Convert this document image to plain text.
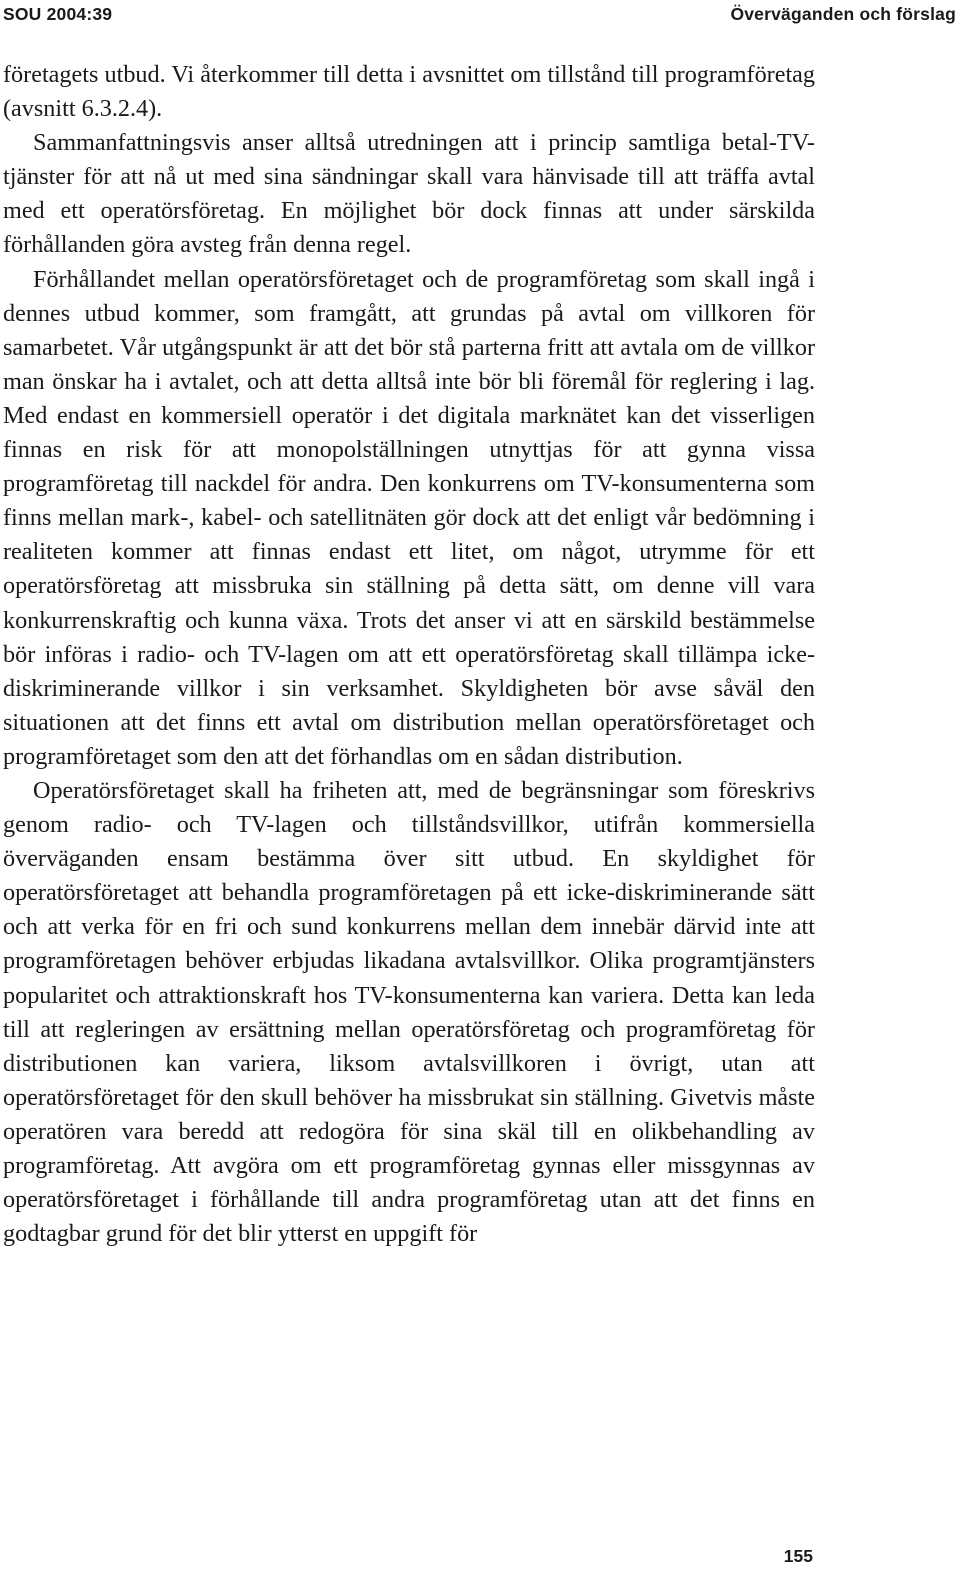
SOU 2004:39	Överväganden och förslag

företagets utbud. Vi återkommer till detta i avsnittet om tillstånd till programföretag (avsnitt 6.3.2.4).

Sammanfattningsvis anser alltså utredningen att i princip samtliga betal-TV-tjänster för att nå ut med sina sändningar skall vara hänvisade till att träffa avtal med ett operatörsföretag. En möjlighet bör dock finnas att under särskilda förhållanden göra avsteg från denna regel.

Förhållandet mellan operatörsföretaget och de programföretag som skall ingå i dennes utbud kommer, som framgått, att grundas på avtal om villkoren för samarbetet. Vår utgångspunkt är att det bör stå parterna fritt att avtala om de villkor man önskar ha i avtalet, och att detta alltså inte bör bli föremål för reglering i lag. Med endast en kommersiell operatör i det digitala marknätet kan det visserligen finnas en risk för att monopolställningen utnyttjas för att gynna vissa programföretag till nackdel för andra. Den konkurrens om TV-konsumenterna som finns mellan mark-, kabel- och satellitnäten gör dock att det enligt vår bedömning i realiteten kommer att finnas endast ett litet, om något, utrymme för ett operatörsföretag att missbruka sin ställning på detta sätt, om denne vill vara konkurrenskraftig och kunna växa. Trots det anser vi att en särskild bestämmelse bör införas i radio- och TV-lagen om att ett operatörsföretag skall tillämpa icke-diskriminerande villkor i sin verksamhet. Skyldigheten bör avse såväl den situationen att det finns ett avtal om distribution mellan operatörsföretaget och programföretaget som den att det förhandlas om en sådan distribution.

Operatörsföretaget skall ha friheten att, med de begränsningar som föreskrivs genom radio- och TV-lagen och tillståndsvillkor, utifrån kommersiella överväganden ensam bestämma över sitt utbud. En skyldighet för operatörsföretaget att behandla programföretagen på ett icke-diskriminerande sätt och att verka för en fri och sund konkurrens mellan dem innebär därvid inte att programföretagen behöver erbjudas likadana avtalsvillkor. Olika programtjänsters popularitet och attraktionskraft hos TV-konsumenterna kan variera. Detta kan leda till att regleringen av ersättning mellan operatörsföretag och programföretag för distributionen kan variera, liksom avtalsvillkoren i övrigt, utan att operatörsföretaget för den skull behöver ha missbrukat sin ställning. Givetvis måste operatören vara beredd att redogöra för sina skäl till en olikbehandling av programföretag. Att avgöra om ett programföretag gynnas eller missgynnas av operatörsföretaget i förhållande till andra programföretag utan att det finns en godtagbar grund för det blir ytterst en uppgift för

155
